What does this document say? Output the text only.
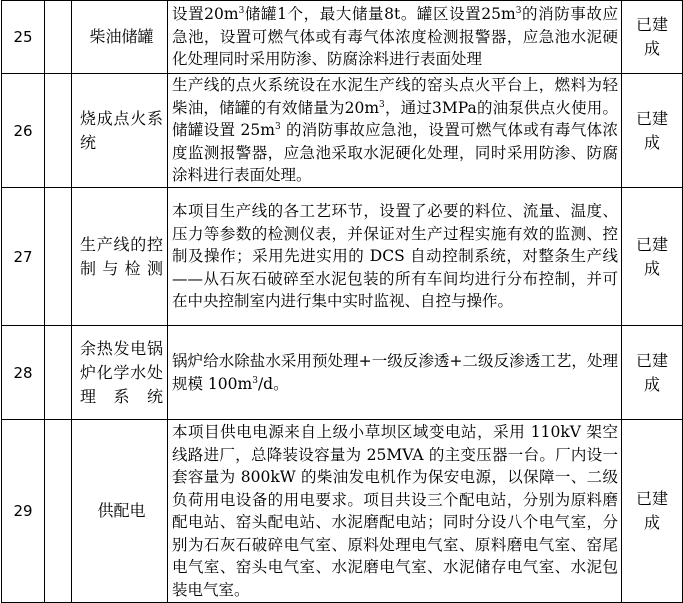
25		柴油储罐	设置$20m^3$储罐1个，最大储量8t。罐区设置$25m^3$的消防事故应急池，设置可燃气体或有毒气体浓度检测报警器，应急池水泥硬化处理同时采用防渗、防腐涂料进行表面处理	已建成

26		烧成点火系统	生产线的点火系统设在水泥生产线的窑头点火平台上，燃料为轻柴油，储罐的有效储量为$20m^3$，通过3MPa的油泵供点火使用。储罐设置 $25m^3$ 的消防事故应急池，设置可燃气体或有毒气体浓度监测报警器，应急池采取水泥硬化处理，同时采用防渗、防腐涂料进行表面处理。	已建成

27		生产线的控制与检测	本项目生产线的各工艺环节，设置了必要的料位、流量、温度、压力等参数的检测仪表，并保证对生产过程实施有效的监测、控制及操作；采用先进实用的 DCS 自动控制系统，对整条生产线——从石灰石破碎至水泥包装的所有车间均进行分布控制，并可在中央控制室内进行集中实时监视、自控与操作。	已建成

28		余热发电锅炉化学水处理系统	锅炉给水除盐水采用预处理+一级反渗透+二级反渗透工艺，处理规模 $100m^3/d$。	已建成

29		供配电	本项目供电电源来自上级小草坝区域变电站，采用 110kV 架空线路进厂，总降装设容量为 25MVA 的主变压器一台。厂内设一套容量为 800kW 的柴油发电机作为保安电源，以保障一、二级负荷用电设备的用电要求。项目共设三个配电站，分别为原料磨配电站、窑头配电站、水泥磨配电站；同时分设八个电气室，分别为石灰石破碎电气室、原料处理电气室、原料磨电气室、窑尾电气室、窑头电气室、水泥磨电气室、水泥储存电气室、水泥包装电气室。	已建成
